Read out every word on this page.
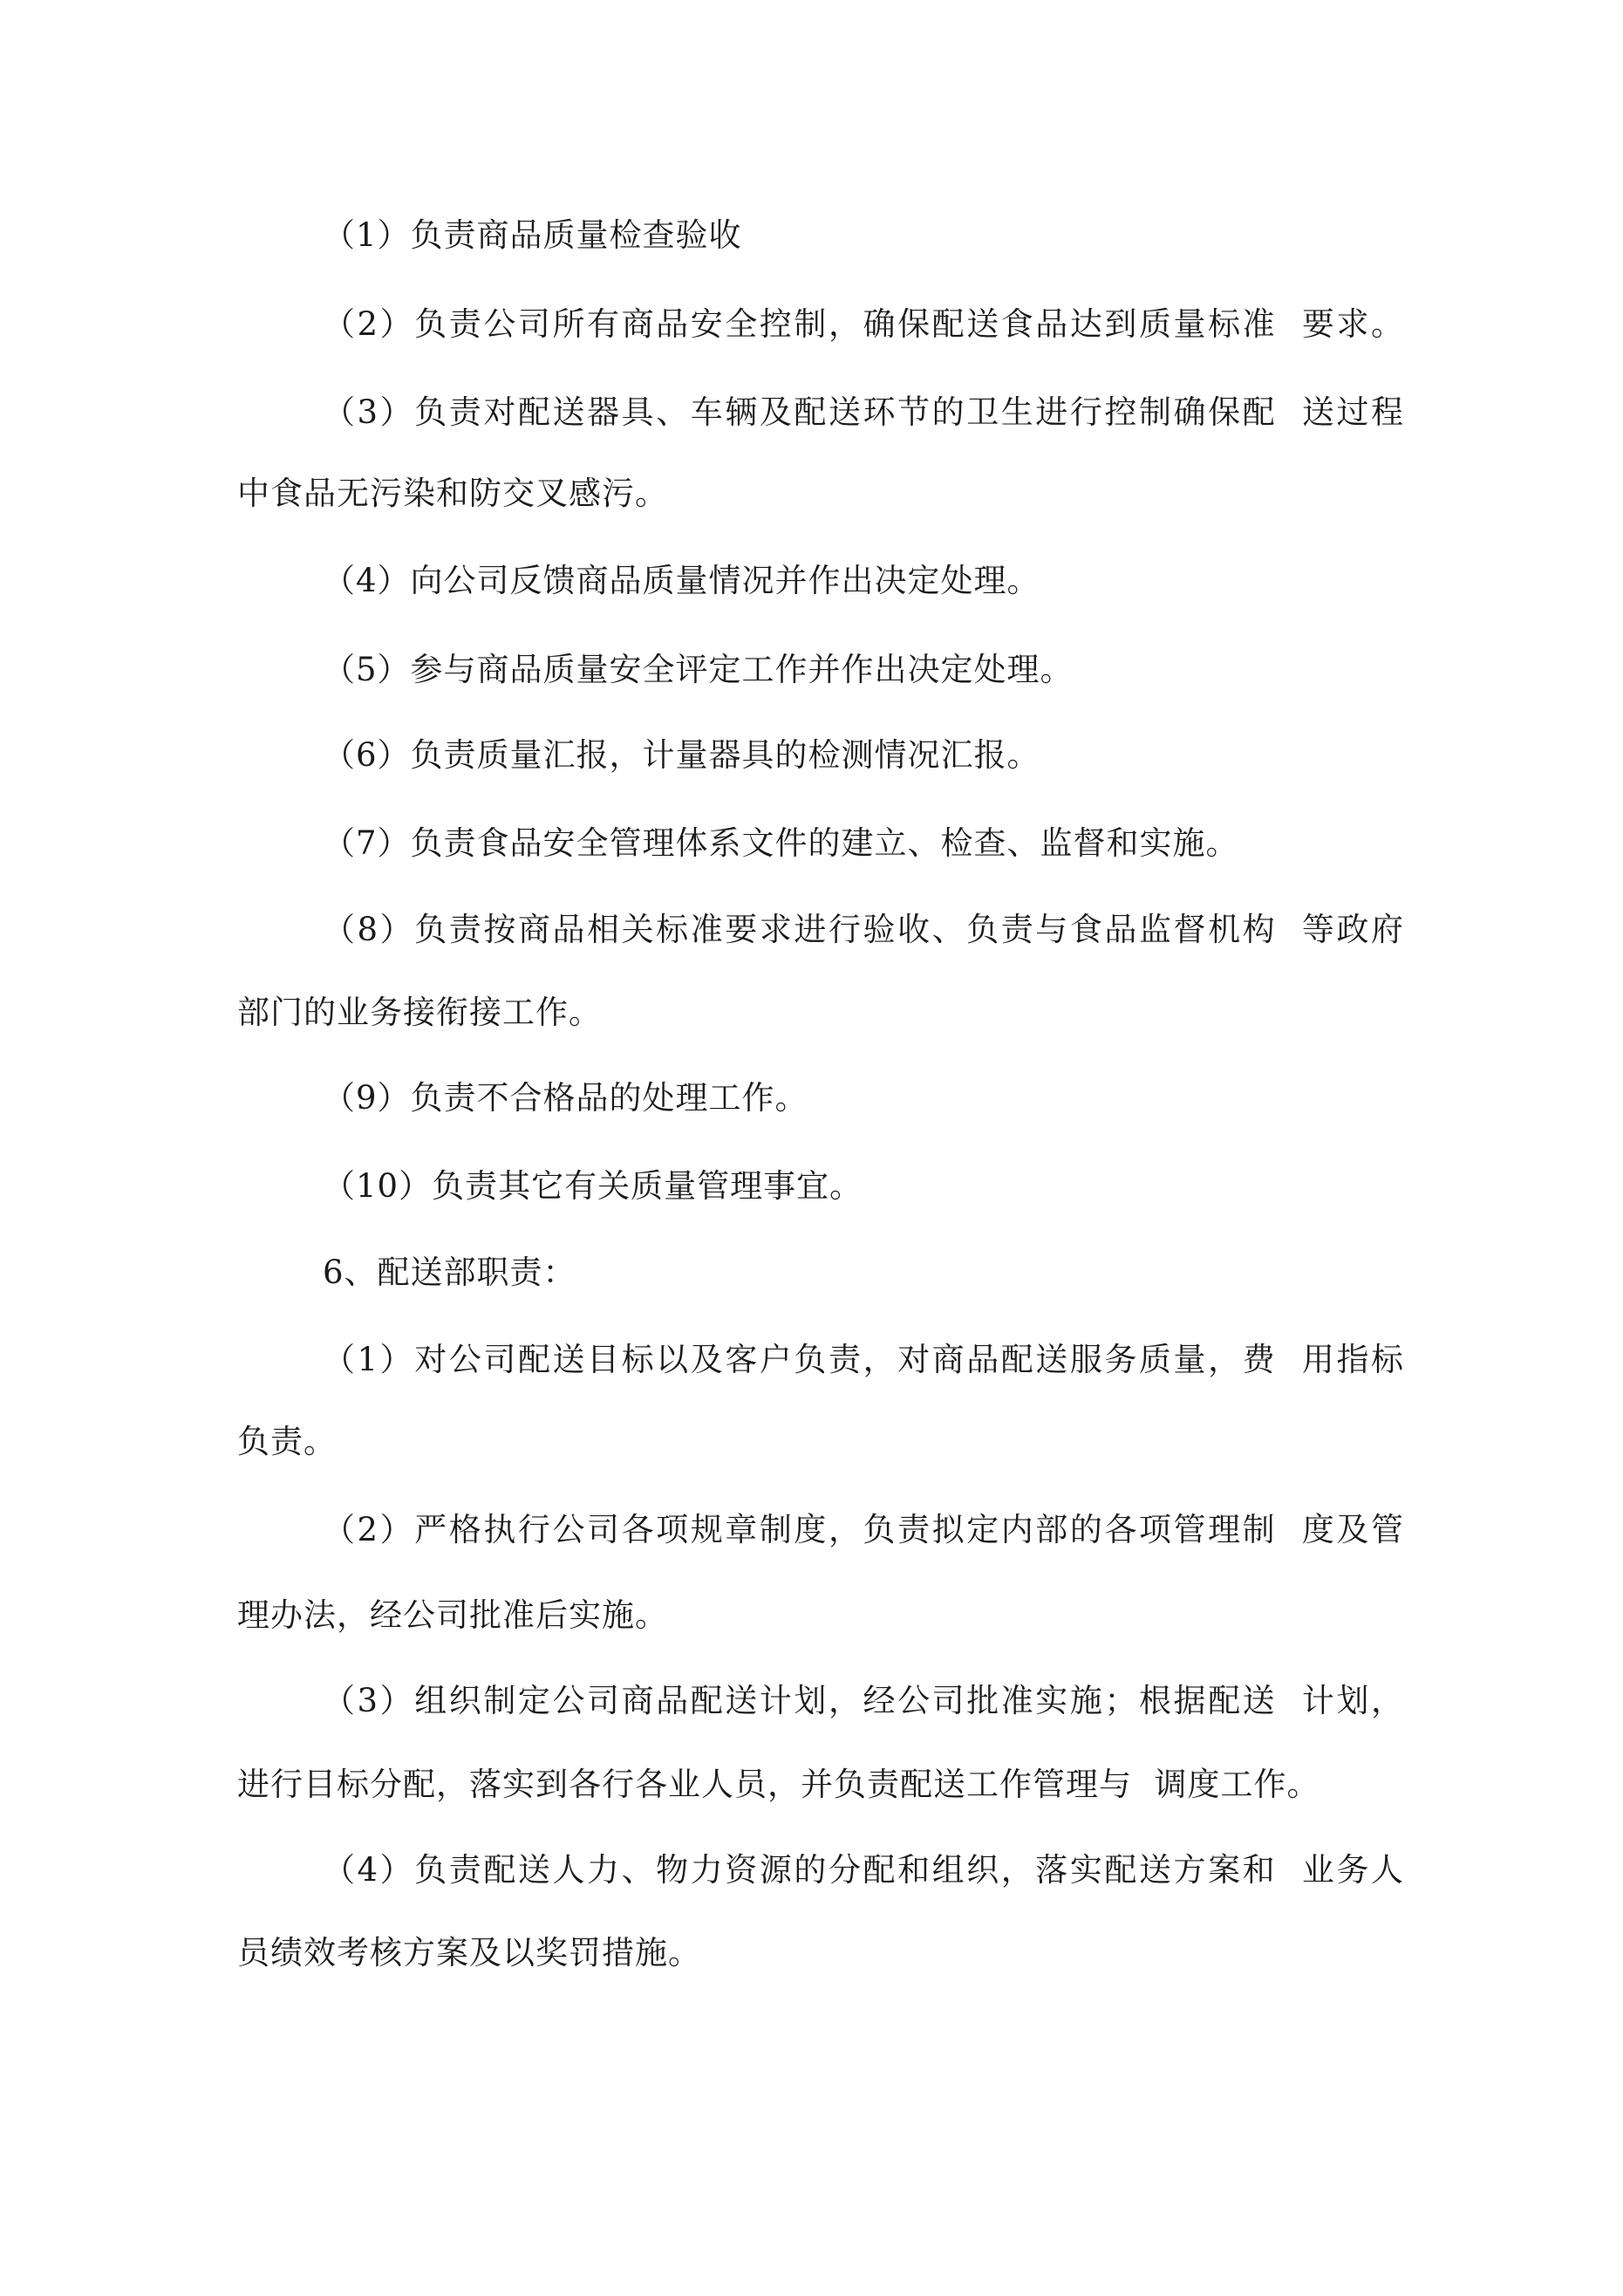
（1）负责商品质量检查验收
（2）负责公司所有商品安全控制，确保配送食品达到质量标准  要求。
（3）负责对配送器具、车辆及配送环节的卫生进行控制确保配  送过程
中食品无污染和防交叉感污。
（4）向公司反馈商品质量情况并作出决定处理。
（5）参与商品质量安全评定工作并作出决定处理。
（6）负责质量汇报，计量器具的检测情况汇报。
（7）负责食品安全管理体系文件的建立、检查、监督和实施。
（8）负责按商品相关标准要求进行验收、负责与食品监督机构  等政府
部门的业务接衔接工作。
（9）负责不合格品的处理工作。
（10）负责其它有关质量管理事宜。
6、配送部职责：
（1）对公司配送目标以及客户负责，对商品配送服务质量，费  用指标
负责。
（2）严格执行公司各项规章制度，负责拟定内部的各项管理制  度及管
理办法，经公司批准后实施。
（3）组织制定公司商品配送计划，经公司批准实施；根据配送  计划，
进行目标分配，落实到各行各业人员，并负责配送工作管理与  调度工作。
（4）负责配送人力、物力资源的分配和组织，落实配送方案和  业务人
员绩效考核方案及以奖罚措施。
